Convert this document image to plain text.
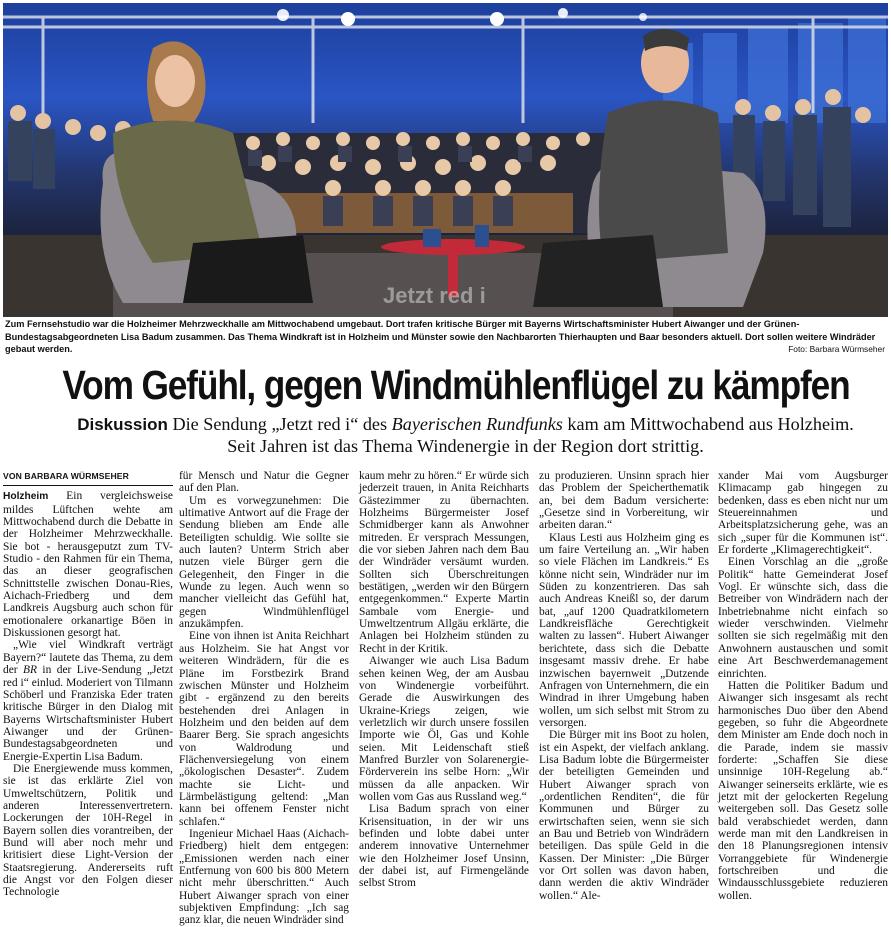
Jetzt red i
Zum Fernsehstudio war die Holzheimer Mehrzweckhalle am Mittwochabend umgebaut. Dort trafen kritische Bürger mit Bayerns Wirtschaftsminister Hubert Aiwanger und der Grünen-Bundestagsabgeordneten Lisa Badum zusammen. Das Thema Windkraft ist in Holzheim und Münster sowie den Nachbarorten Thierhaupten und Baar besonders aktuell. Dort sollen weitere Windräder gebaut werden.	Foto: Barbara Würmseher
Vom Gefühl, gegen Windmühlenflügel zu kämpfen
Diskussion Die Sendung „Jetzt red i“ des Bayerischen Rundfunks kam am Mittwochabend aus Holzheim.
Seit Jahren ist das Thema Windenergie in der Region dort strittig.
VON BARBARA WÜRMSEHER

Holzheim Ein vergleichsweise mildes Lüftchen wehte am Mittwochabend durch die Debatte in der Holzheimer Mehrzweckhalle. Sie bot - herausgeputzt zum TV-Studio - den Rahmen für ein Thema, das an dieser geografischen Schnittstelle zwischen Donau-Ries, Aichach-Friedberg und dem Landkreis Augsburg auch schon für emotionalere orkanartige Böen in Diskussionen gesorgt hat.

„Wie viel Windkraft verträgt Bayern?“ lautete das Thema, zu dem der BR in der Live-Sendung „Jetzt red i“ einlud. Moderiert von Tilmann Schöberl und Franziska Eder traten kritische Bürger in den Dialog mit Bayerns Wirtschaftsminister Hubert Aiwanger und der Grünen-Bundestagsabgeordneten und Energie-Expertin Lisa Badum.

Die Energiewende muss kommen, sie ist das erklärte Ziel von Umweltschützern, Politik und anderen Interessenvertretern. Lockerungen der 10H-Regel in Bayern sollen dies vorantreiben, der Bund will aber noch mehr und kritisiert diese Light-Version der Staatsregierung. Andererseits ruft die Angst vor den Folgen dieser Technologie

für Mensch und Natur die Gegner auf den Plan.

Um es vorwegzunehmen: Die ultimative Antwort auf die Frage der Sendung blieben am Ende alle Beteiligten schuldig. Wie sollte sie auch lauten? Unterm Strich aber nutzen viele Bürger gern die Gelegenheit, den Finger in die Wunde zu legen. Auch wenn so mancher vielleicht das Gefühl hat, gegen Windmühlenflügel anzukämpfen.

Eine von ihnen ist Anita Reichhart aus Holzheim. Sie hat Angst vor weiteren Windrädern, für die es Pläne im Forstbezirk Brand zwischen Münster und Holzheim gibt - ergänzend zu den bereits bestehenden drei Anlagen in Holzheim und den beiden auf dem Baarer Berg. Sie sprach angesichts von Waldrodung und Flächenversiegelung von einem „ökologischen Desaster“. Zudem machte sie Licht- und Lärmbelästigung geltend: „Man kann bei offenem Fenster nicht schlafen.“

Ingenieur Michael Haas (Aichach-Friedberg) hielt dem entgegen: „Emissionen werden nach einer Entfernung von 600 bis 800 Metern nicht mehr überschritten.“ Auch Hubert Aiwanger sprach von einer subjektiven Empfindung: „Ich sag ganz klar, die neuen Windräder sind

kaum mehr zu hören.“ Er würde sich jederzeit trauen, in Anita Reichharts Gästezimmer zu übernachten. Holzheims Bürgermeister Josef Schmidberger kann als Anwohner mitreden. Er versprach Messungen, die vor sieben Jahren nach dem Bau der Windräder versäumt wurden. Sollten sich Überschreitungen bestätigen, „werden wir den Bürgern entgegenkommen.“ Experte Martin Sambale vom Energie- und Umweltzentrum Allgäu erklärte, die Anlagen bei Holzheim stünden zu Recht in der Kritik.

Aiwanger wie auch Lisa Badum sehen keinen Weg, der am Ausbau von Windenergie vorbeiführt. Gerade die Auswirkungen des Ukraine-Kriegs zeigen, wie verletzlich wir durch unsere fossilen Importe wie Öl, Gas und Kohle seien. Mit Leidenschaft stieß Manfred Burzler von Solarenergie-Förderverein ins selbe Horn: „Wir müssen da alle anpacken. Wir wollen vom Gas aus Russland weg.“

Lisa Badum sprach von einer Krisensituation, in der wir uns befinden und lobte dabei unter anderem innovative Unternehmer wie den Holzheimer Josef Unsinn, der dabei ist, auf Firmengelände selbst Strom

zu produzieren. Unsinn sprach hier das Problem der Speicherthematik an, bei dem Badum versicherte: „Gesetze sind in Vorbereitung, wir arbeiten daran.“

Klaus Lesti aus Holzheim ging es um faire Verteilung an. „Wir haben so viele Flächen im Landkreis.“ Es könne nicht sein, Windräder nur im Süden zu konzentrieren. Das sah auch Andreas Kneißl so, der darum bat, „auf 1200 Quadratkilometern Landkreisfläche Gerechtigkeit walten zu lassen“. Hubert Aiwanger berichtete, dass sich die Debatte insgesamt massiv drehe. Er habe inzwischen bayernweit „Dutzende Anfragen von Unternehmern, die ein Windrad in ihrer Umgebung haben wollen, um sich selbst mit Strom zu versorgen.

Die Bürger mit ins Boot zu holen, ist ein Aspekt, der vielfach anklang. Lisa Badum lobte die Bürgermeister der beteiligten Gemeinden und Hubert Aiwanger sprach von „ordentlichen Renditen“, die für Kommunen und Bürger zu erwirtschaften seien, wenn sie sich an Bau und Betrieb von Windrädern beteiligen. Das spüle Geld in die Kassen. Der Minister: „Die Bürger vor Ort sollen was davon haben, dann werden die aktiv Windräder wollen.“ Ale-

xander Mai vom Augsburger Klimacamp gab hingegen zu bedenken, dass es eben nicht nur um Steuereinnahmen und Arbeitsplatzsicherung gehe, was an sich „super für die Kommunen ist“. Er forderte „Klimagerechtigkeit“.

Einen Vorschlag an die „große Politik“ hatte Gemeinderat Josef Vogl. Er wünschte sich, dass die Betreiber von Windrädern nach der Inbetriebnahme nicht einfach so wieder verschwinden. Vielmehr sollten sie sich regelmäßig mit den Anwohnern austauschen und somit eine Art Beschwerdemanagement einrichten.

Hatten die Politiker Badum und Aiwanger sich insgesamt als recht harmonisches Duo über den Abend gegeben, so fuhr die Abgeordnete dem Minister am Ende doch noch in die Parade, indem sie massiv forderte: „Schaffen Sie diese unsinnige 10H-Regelung ab.“ Aiwanger seinerseits erklärte, wie es jetzt mit der gelockerten Regelung weitergeben soll. Das Gesetz solle bald verabschiedet werden, dann werde man mit den Landkreisen in den 18 Planungsregionen intensiv Vorranggebiete für Windenergie fortschreiben und die Windausschlussgebiete reduzieren wollen.
